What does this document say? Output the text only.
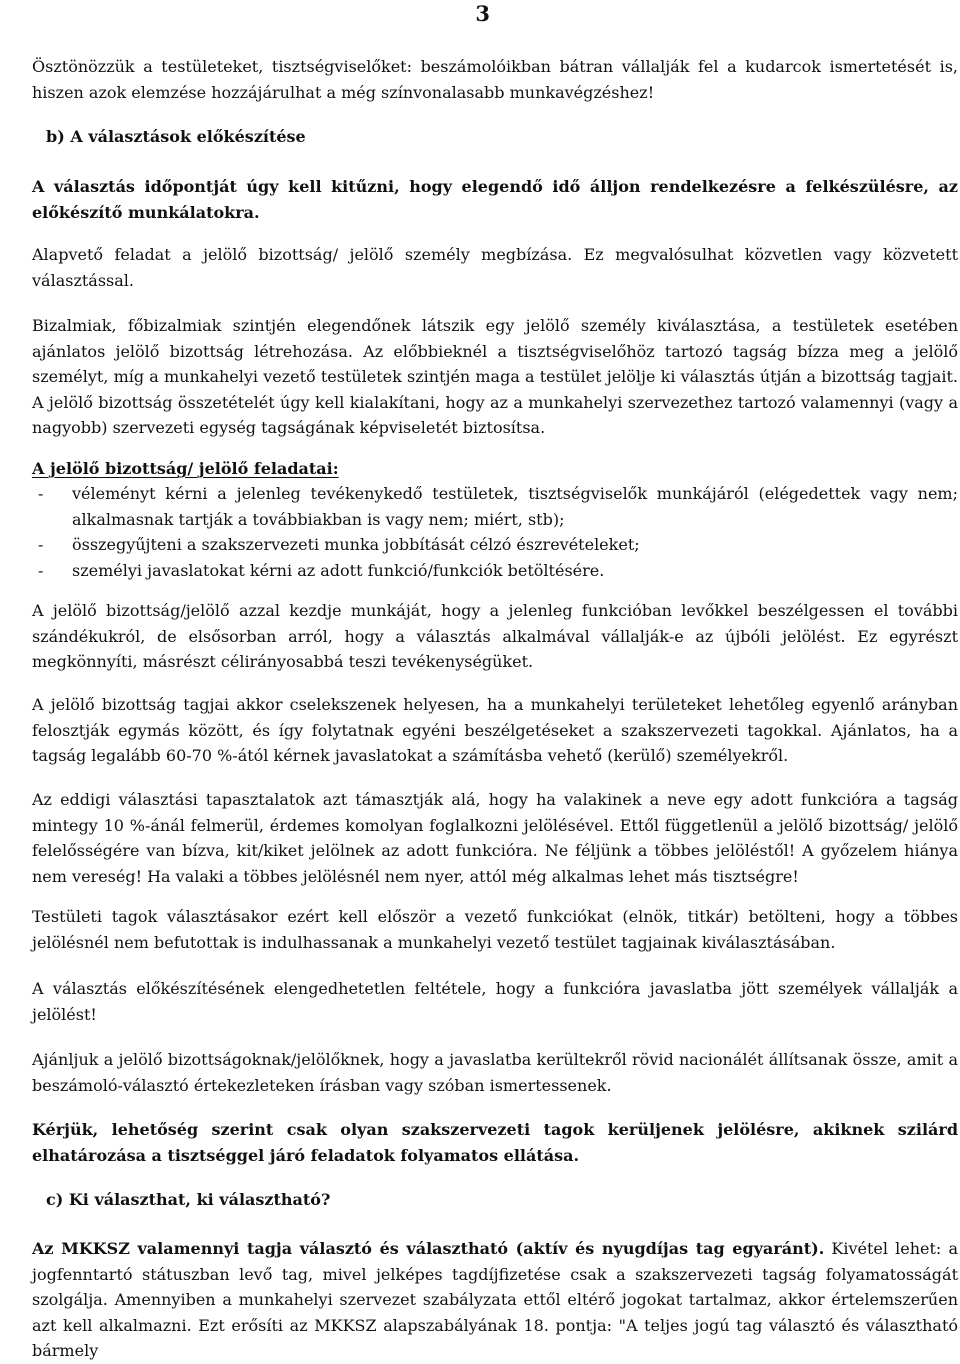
3

Ösztönözzük a testületeket, tisztségviselőket: beszámolóikban bátran vállalják fel a kudarcok ismertetését is, hiszen azok elemzése hozzájárulhat a még színvonalasabb munkavégzéshez!

b) A választások előkészítése

A választás időpontját úgy kell kitűzni, hogy elegendő idő álljon rendelkezésre a felkészülésre, az előkészítő munkálatokra.

Alapvető feladat a jelölő bizottság/ jelölő személy megbízása. Ez megvalósulhat közvetlen vagy közvetett választással.

Bizalmiak, főbizalmiak szintjén elegendőnek látszik egy jelölő személy kiválasztása, a testületek esetében ajánlatos jelölő bizottság létrehozása. Az előbbieknél a tisztségviselőhöz tartozó tagság bízza meg a jelölő személyt, míg a munkahelyi vezető testületek szintjén maga a testület jelölje ki választás útján a bizottság tagjait. A jelölő bizottság összetételét úgy kell kialakítani, hogy az a munkahelyi szervezethez tartozó valamennyi (vagy a nagyobb) szervezeti egység tagságának képviseletét biztosítsa.

A jelölő bizottság/ jelölő feladatai:

- véleményt kérni a jelenleg tevékenykedő testületek, tisztségviselők munkájáról (elégedettek vagy nem; alkalmasnak tartják a továbbiakban is vagy nem; miért, stb);
- összegyűjteni a szakszervezeti munka jobbítását célzó észrevételeket;
- személyi javaslatokat kérni az adott funkció/funkciók betöltésére.

A jelölő bizottság/jelölő azzal kezdje munkáját, hogy a jelenleg funkcióban levőkkel beszélgessen el további szándékukról, de elsősorban arról, hogy a választás alkalmával vállalják-e az újbóli jelölést. Ez egyrészt megkönnyíti, másrészt célirányosabbá teszi tevékenységüket.

A jelölő bizottság tagjai akkor cselekszenek helyesen, ha a munkahelyi területeket lehetőleg egyenlő arányban felosztják egymás között, és így folytatnak egyéni beszélgetéseket a szakszervezeti tagokkal. Ajánlatos, ha a tagság legalább 60-70 %-ától kérnek javaslatokat a számításba vehető (kerülő) személyekről.

Az eddigi választási tapasztalatok azt támasztják alá, hogy ha valakinek a neve egy adott funkcióra a tagság mintegy 10 %-ánál felmerül, érdemes komolyan foglalkozni jelölésével. Ettől függetlenül a jelölő bizottság/ jelölő felelősségére van bízva, kit/kiket jelölnek az adott funkcióra. Ne féljünk a többes jelöléstől! A győzelem hiánya nem vereség! Ha valaki a többes jelölésnél nem nyer, attól még alkalmas lehet más tisztségre!

Testületi tagok választásakor ezért kell először a vezető funkciókat (elnök, titkár) betölteni, hogy a többes jelölésnél nem befutottak is indulhassanak a munkahelyi vezető testület tagjainak kiválasztásában.

A választás előkészítésének elengedhetetlen feltétele, hogy a funkcióra javaslatba jött személyek vállalják a jelölést!

Ajánljuk a jelölő bizottságoknak/jelölőknek, hogy a javaslatba kerültekről rövid nacionálét állítsanak össze, amit a beszámoló-választó értekezleteken írásban vagy szóban ismertessenek.

Kérjük, lehetőség szerint csak olyan szakszervezeti tagok kerüljenek jelölésre, akiknek szilárd elhatározása a tisztséggel járó feladatok folyamatos ellátása.

c) Ki választhat, ki választható?

Az MKKSZ valamennyi tagja választó és választható (aktív és nyugdíjas tag egyaránt). Kivétel lehet: a jogfenntartó státuszban levő tag, mivel jelképes tagdíjfizetése csak a szakszervezeti tagság folyamatosságát szolgálja. Amennyiben a munkahelyi szervezet szabályzata ettől eltérő jogokat tartalmaz, akkor értelemszerűen azt kell alkalmazni. Ezt erősíti az MKKSZ alapszabályának 18. pontja: "A teljes jogú tag választó és választható bármely
